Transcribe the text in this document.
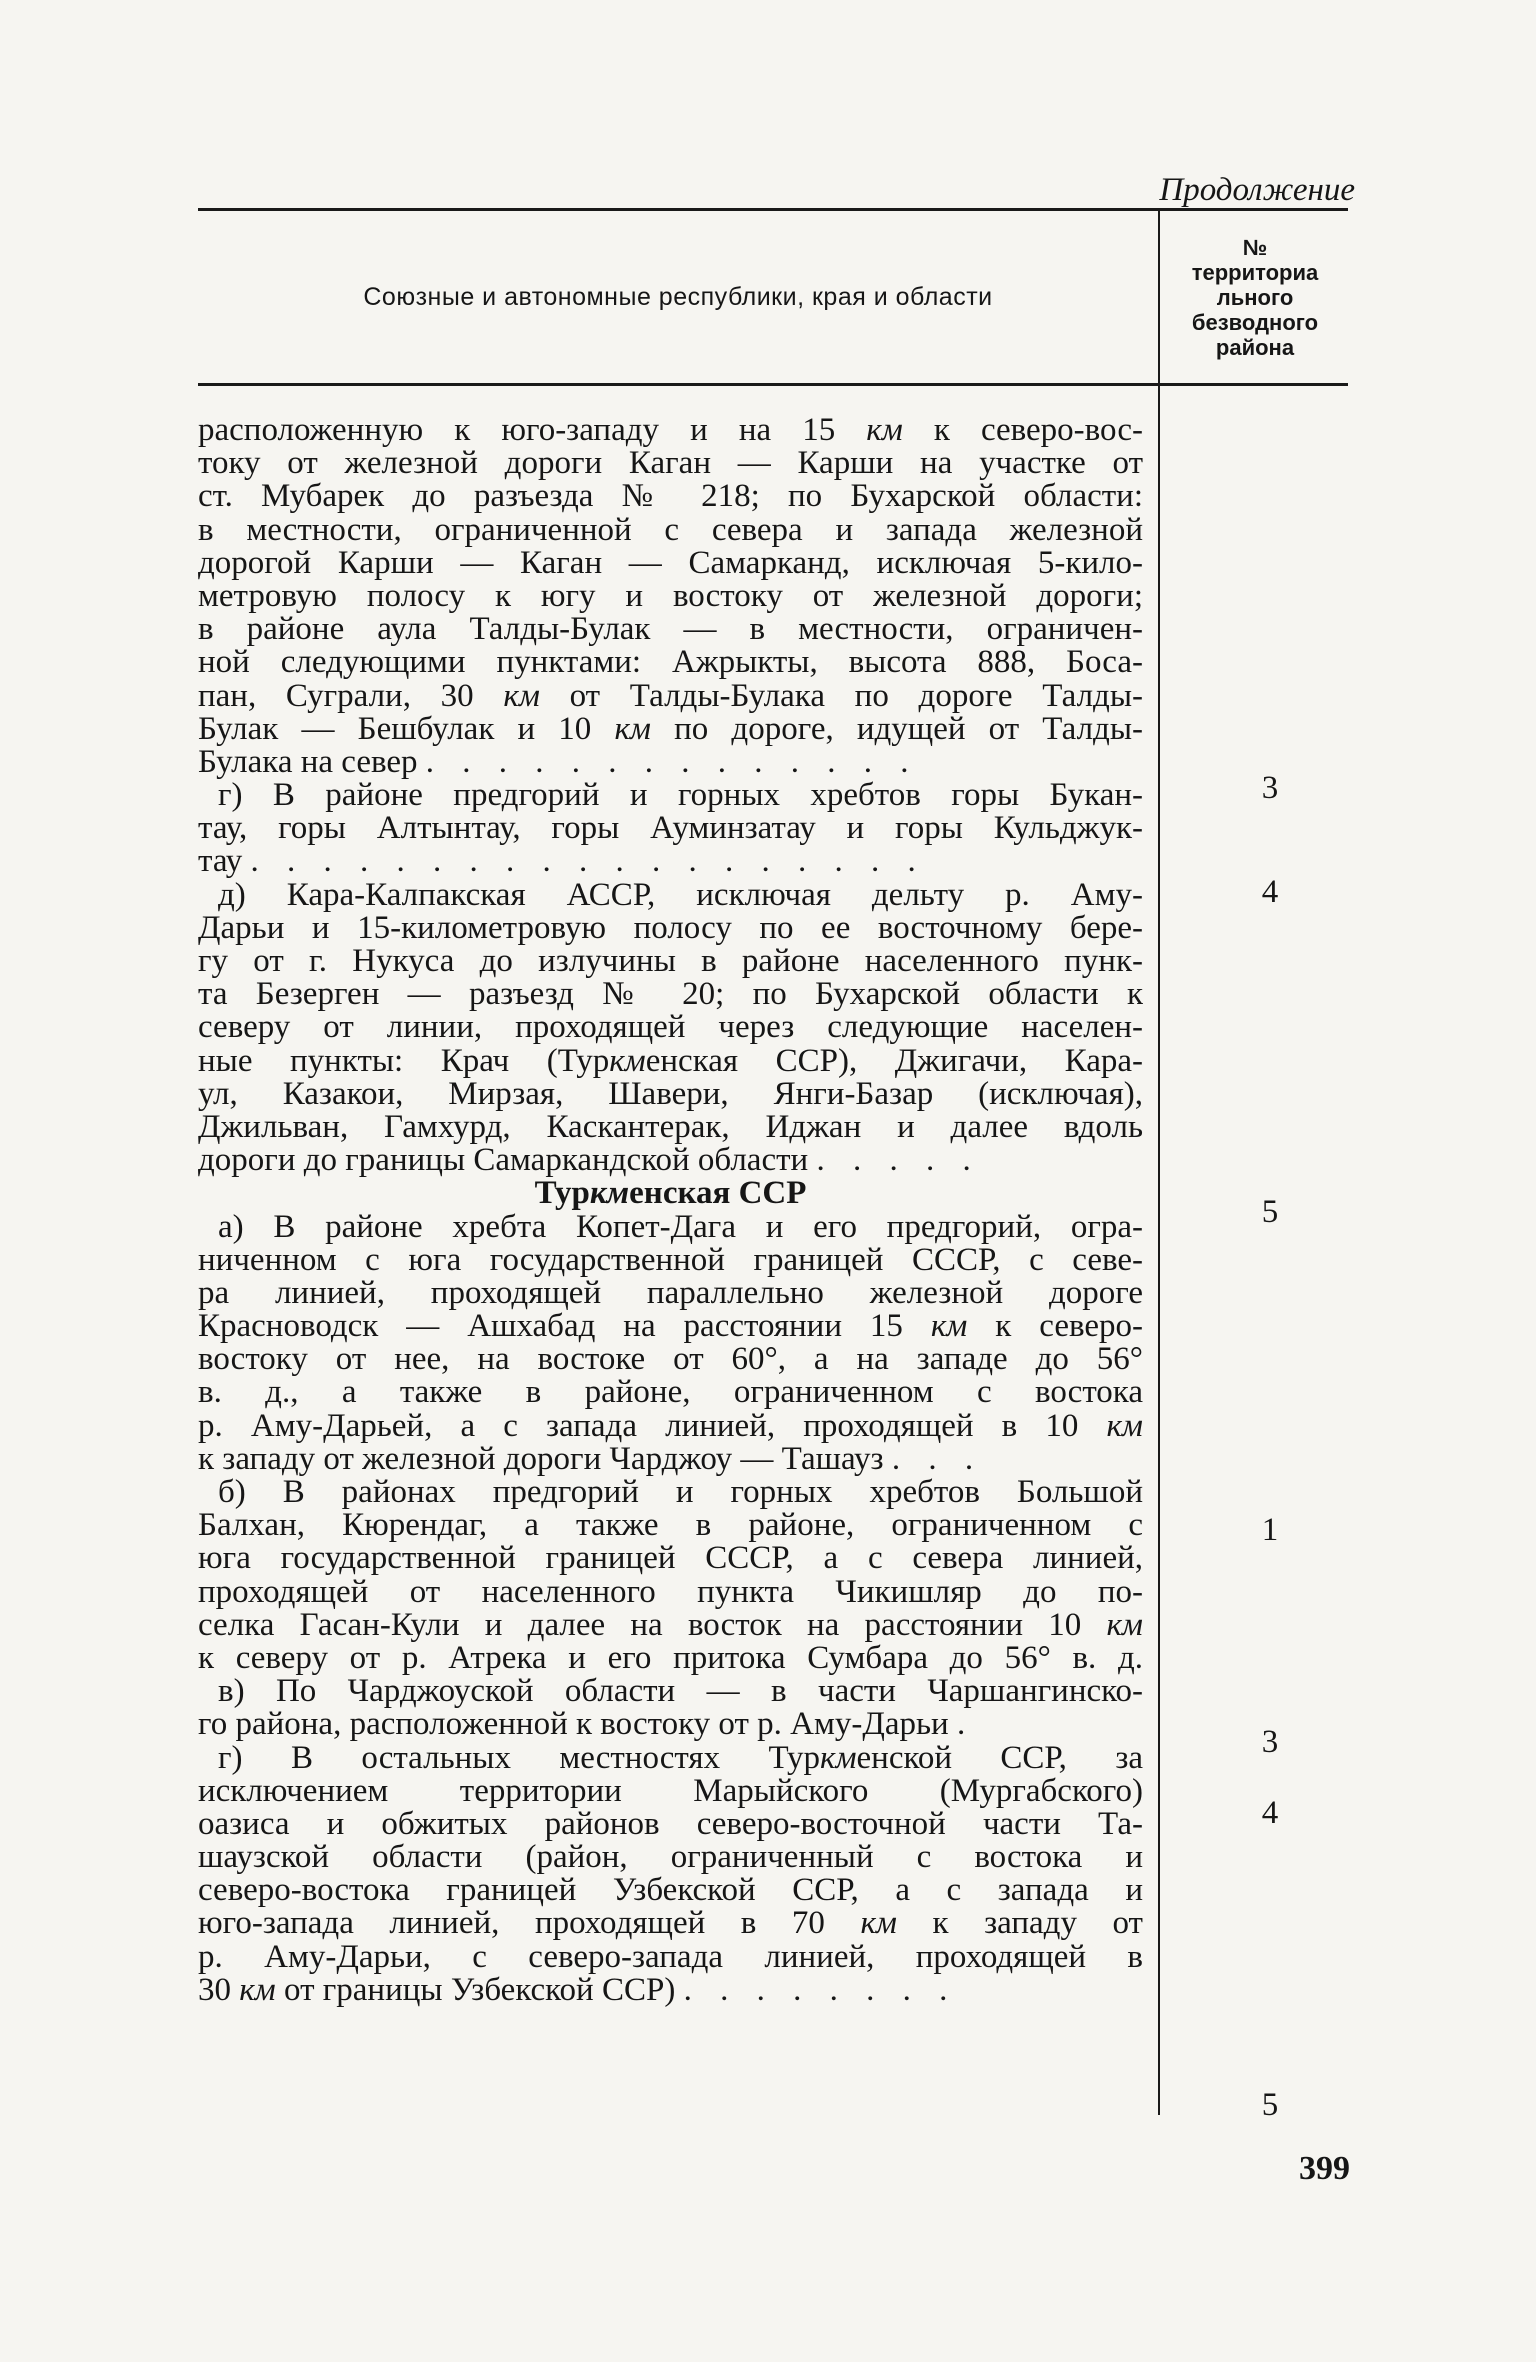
Продолжение
Союзные и автономные республики, края и области
№ территориального безводного района
расположенную к юго-западу и на 15 км к северо-вос-
току от железной дороги Каган — Карши на участке от
ст. Мубарек до разъезда № 218; по Бухарской области:
в местности, ограниченной с севера и запада железной
дорогой Карши — Каган — Самарканд, исключая 5-кило-
метровую полосу к югу и востоку от железной дороги;
в районе аула Талды-Булак — в местности, ограничен-
ной следующими пунктами: Ажрыкты, высота 888, Боса-
пан, Суграли, 30 км от Талды-Булака по дороге Талды-
Булак — Бешбулак и 10 км по дороге, идущей от Талды-
Булака на север . . . . . . . . . . . . . .
г) В районе предгорий и горных хребтов горы Букан-
тау, горы Алтынтау, горы Ауминзатау и горы Кульджук-
тау . . . . . . . . . . . . . . . . . . .
д) Кара-Калпакская АССР, исключая дельту р. Аму-
Дарьи и 15-километровую полосу по ее восточному бере-
гу от г. Нукуса до излучины в районе населенного пунк-
та Безерген — разъезд № 20; по Бухарской области к
северу от линии, проходящей через следующие населен-
ные пункты: Крач (Туркменская ССР), Джигачи, Кара-
ул, Казакои, Мирзая, Шавери, Янги-Базар (исключая),
Джильван, Гамхурд, Каскантерак, Иджан и далее вдоль
дороги до границы Самаркандской области . . . . .
Туркменская ССР
а) В районе хребта Копет-Дага и его предгорий, огра-
ниченном с юга государственной границей СССР, с севе-
ра линией, проходящей параллельно железной дороге
Красноводск — Ашхабад на расстоянии 15 км к северо-
востоку от нее, на востоке от 60°, а на западе до 56°
в. д., а также в районе, ограниченном с востока
р. Аму-Дарьей, а с запада линией, проходящей в 10 км
к западу от железной дороги Чарджоу — Ташауз . . .
б) В районах предгорий и горных хребтов Большой
Балхан, Кюрендаг, а также в районе, ограниченном с
юга государственной границей СССР, а с севера линией,
проходящей от населенного пункта Чикишляр до по-
селка Гасан-Кули и далее на восток на расстоянии 10 км
к северу от р. Атрека и его притока Сумбара до 56° в. д.
в) По Чарджоуской области — в части Чаршангинско-
го района, расположенной к востоку от р. Аму-Дарьи .
г) В остальных местностях Туркменской ССР, за
исключением территории Марыйского (Мургабского)
оазиса и обжитых районов северо-восточной части Та-
шаузской области (район, ограниченный с востока и
северо-востока границей Узбекской ССР, а с запада и
юго-запада линией, проходящей в 70 км к западу от
р. Аму-Дарьи, с северо-запада линией, проходящей в
30 км от границы Узбекской ССР) . . . . . . . .
3
4
5
1
3
4
5
399
